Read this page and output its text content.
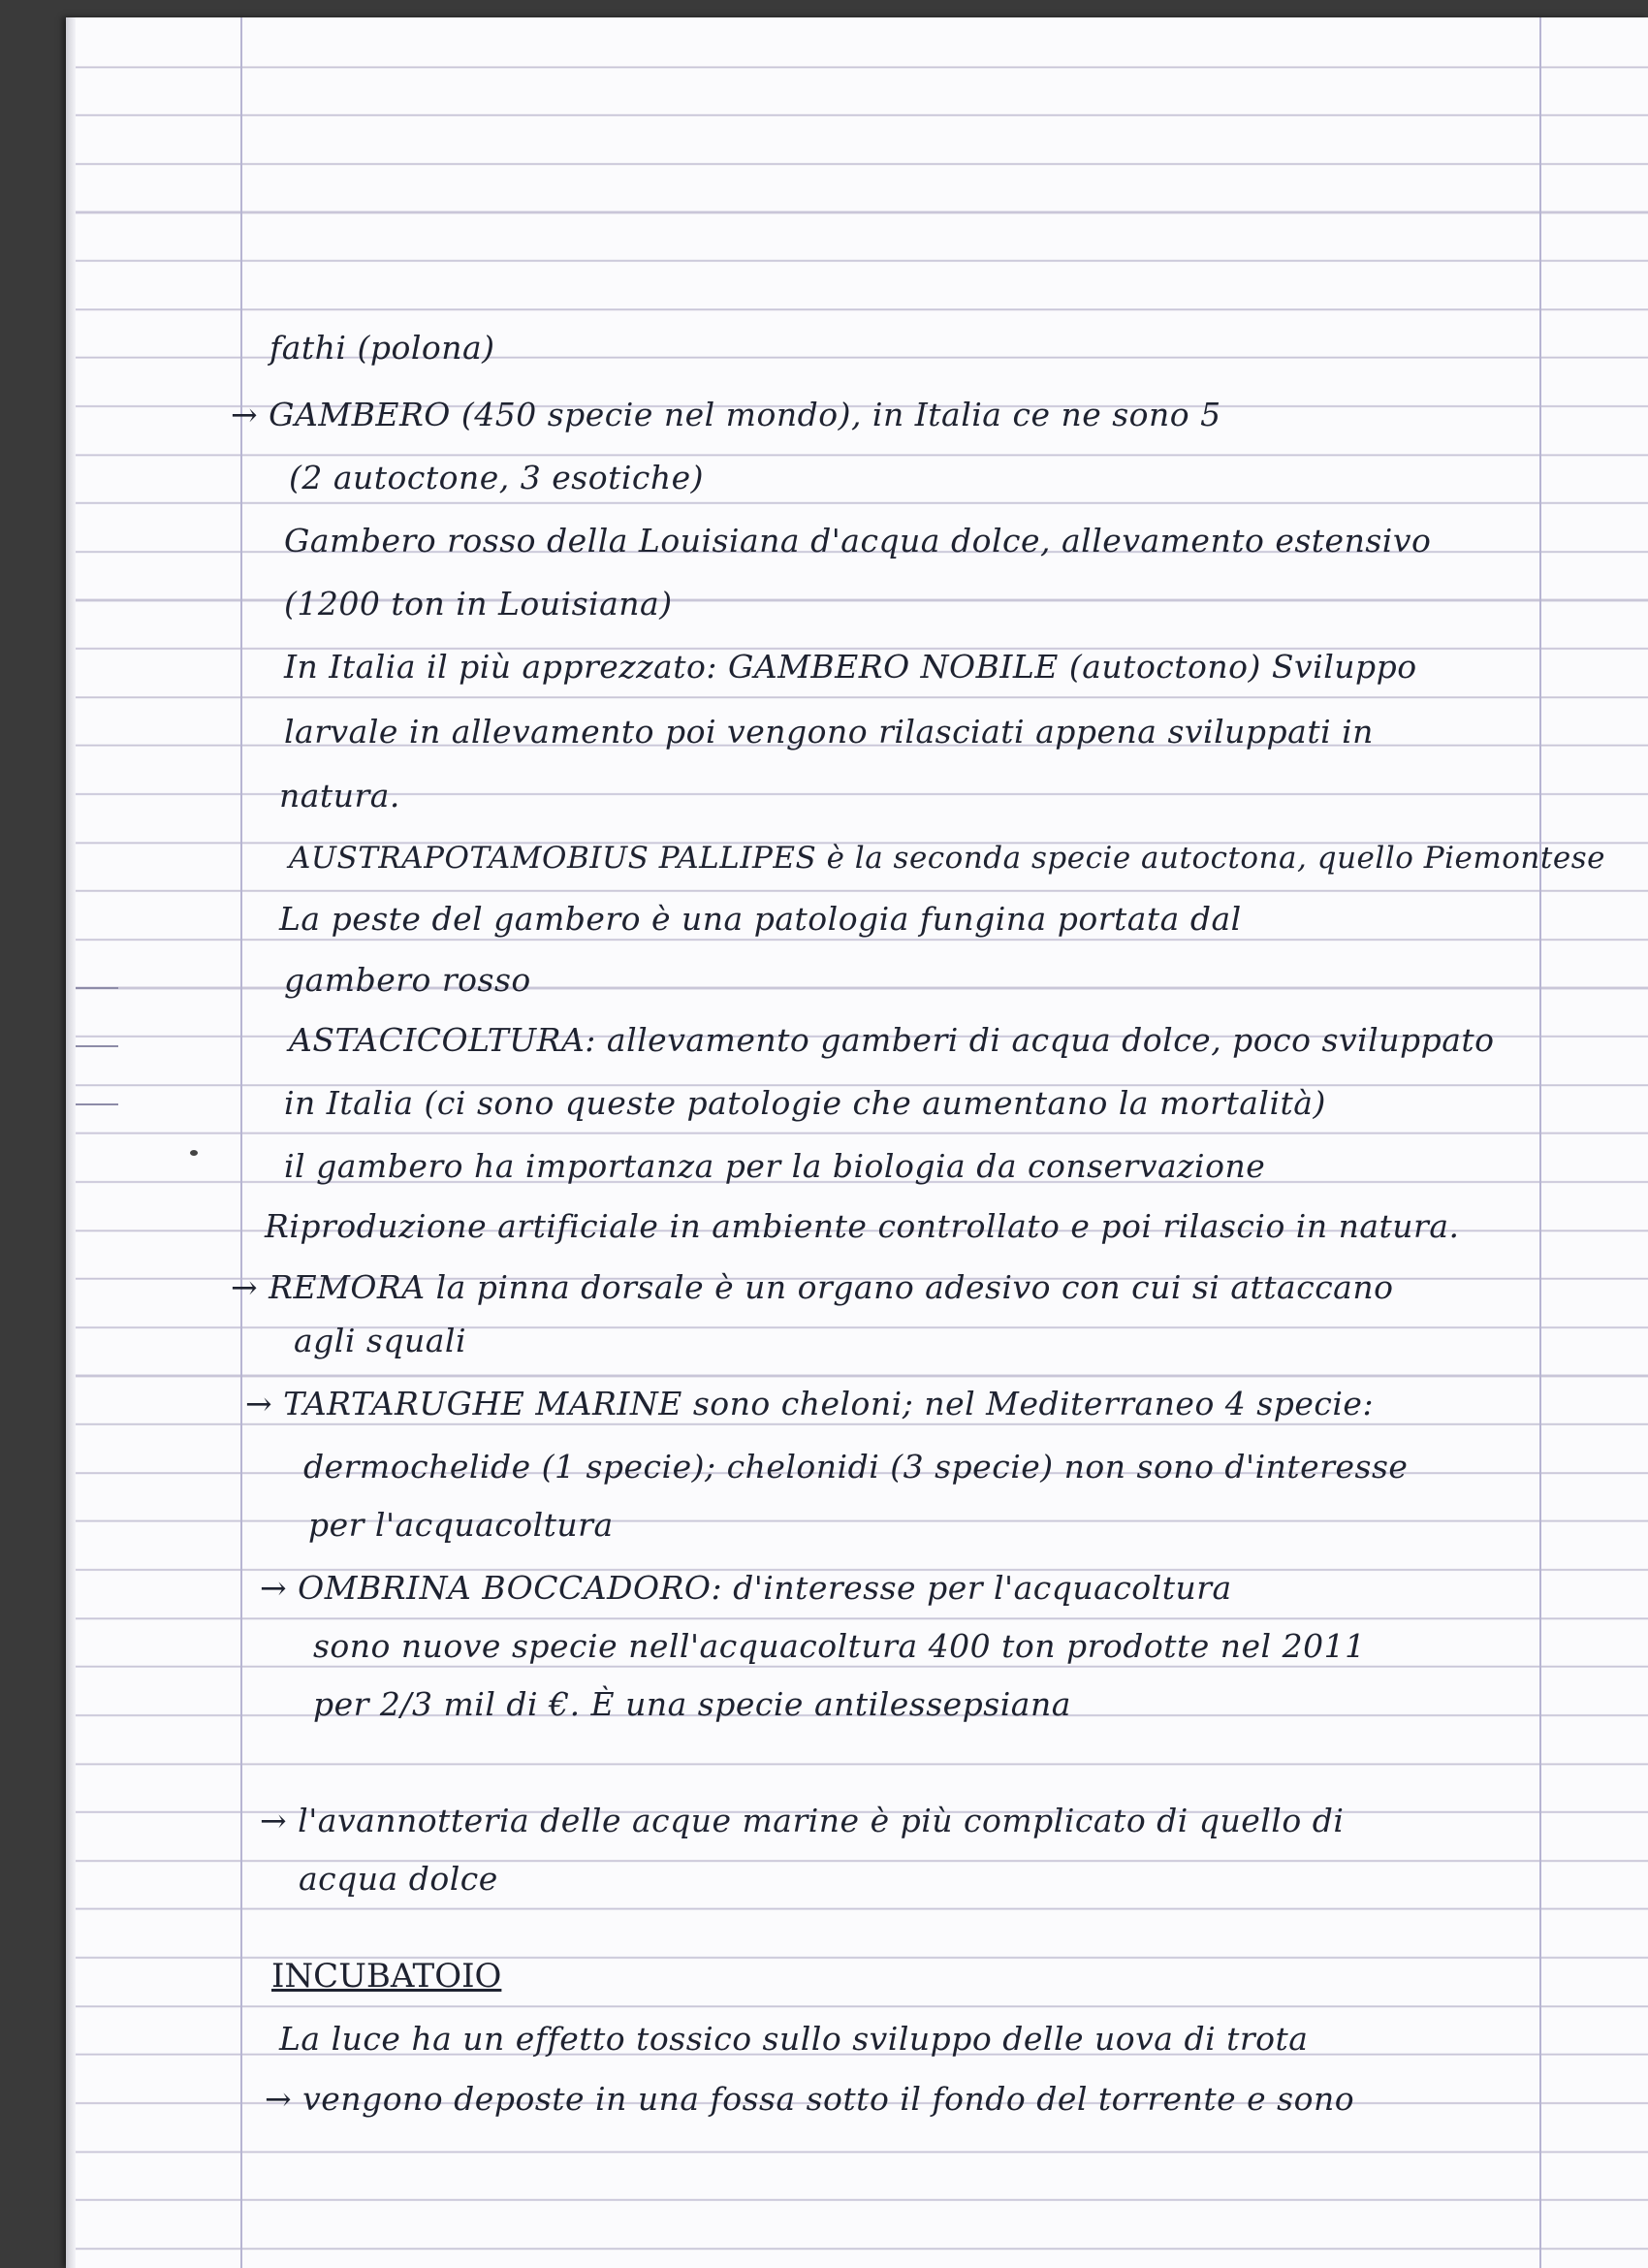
fathi (polona)
→ GAMBERO (450 specie nel mondo), in Italia ce ne sono 5
(2 autoctone, 3 esotiche)
Gambero rosso della Louisiana d'acqua dolce, allevamento estensivo
(1200 ton in Louisiana)
In Italia il più apprezzato: GAMBERO NOBILE (autoctono) Sviluppo
larvale in allevamento poi vengono rilasciati appena sviluppati in
natura.
AUSTRAPOTAMOBIUS PALLIPES è la seconda specie autoctona, quello Piemontese
La peste del gambero è una patologia fungina portata dal
gambero rosso
ASTACICOLTURA: allevamento gamberi di acqua dolce, poco sviluppato
in Italia (ci sono queste patologie che aumentano la mortalità)
il gambero ha importanza per la biologia da conservazione
Riproduzione artificiale in ambiente controllato e poi rilascio in natura.
→ REMORA la pinna dorsale è un organo adesivo con cui si attaccano
agli squali
→ TARTARUGHE MARINE sono cheloni; nel Mediterraneo 4 specie:
dermochelide (1 specie); chelonidi (3 specie) non sono d'interesse
per l'acquacoltura
→ OMBRINA BOCCADORO: d'interesse per l'acquacoltura
sono nuove specie nell'acquacoltura 400 ton prodotte nel 2011
per 2/3 mil di €. È una specie antilessepsiana
→ l'avannotteria delle acque marine è più complicato di quello di
acqua dolce
INCUBATOIO
La luce ha un effetto tossico sullo sviluppo delle uova di trota
→ vengono deposte in una fossa sotto il fondo del torrente e sono
